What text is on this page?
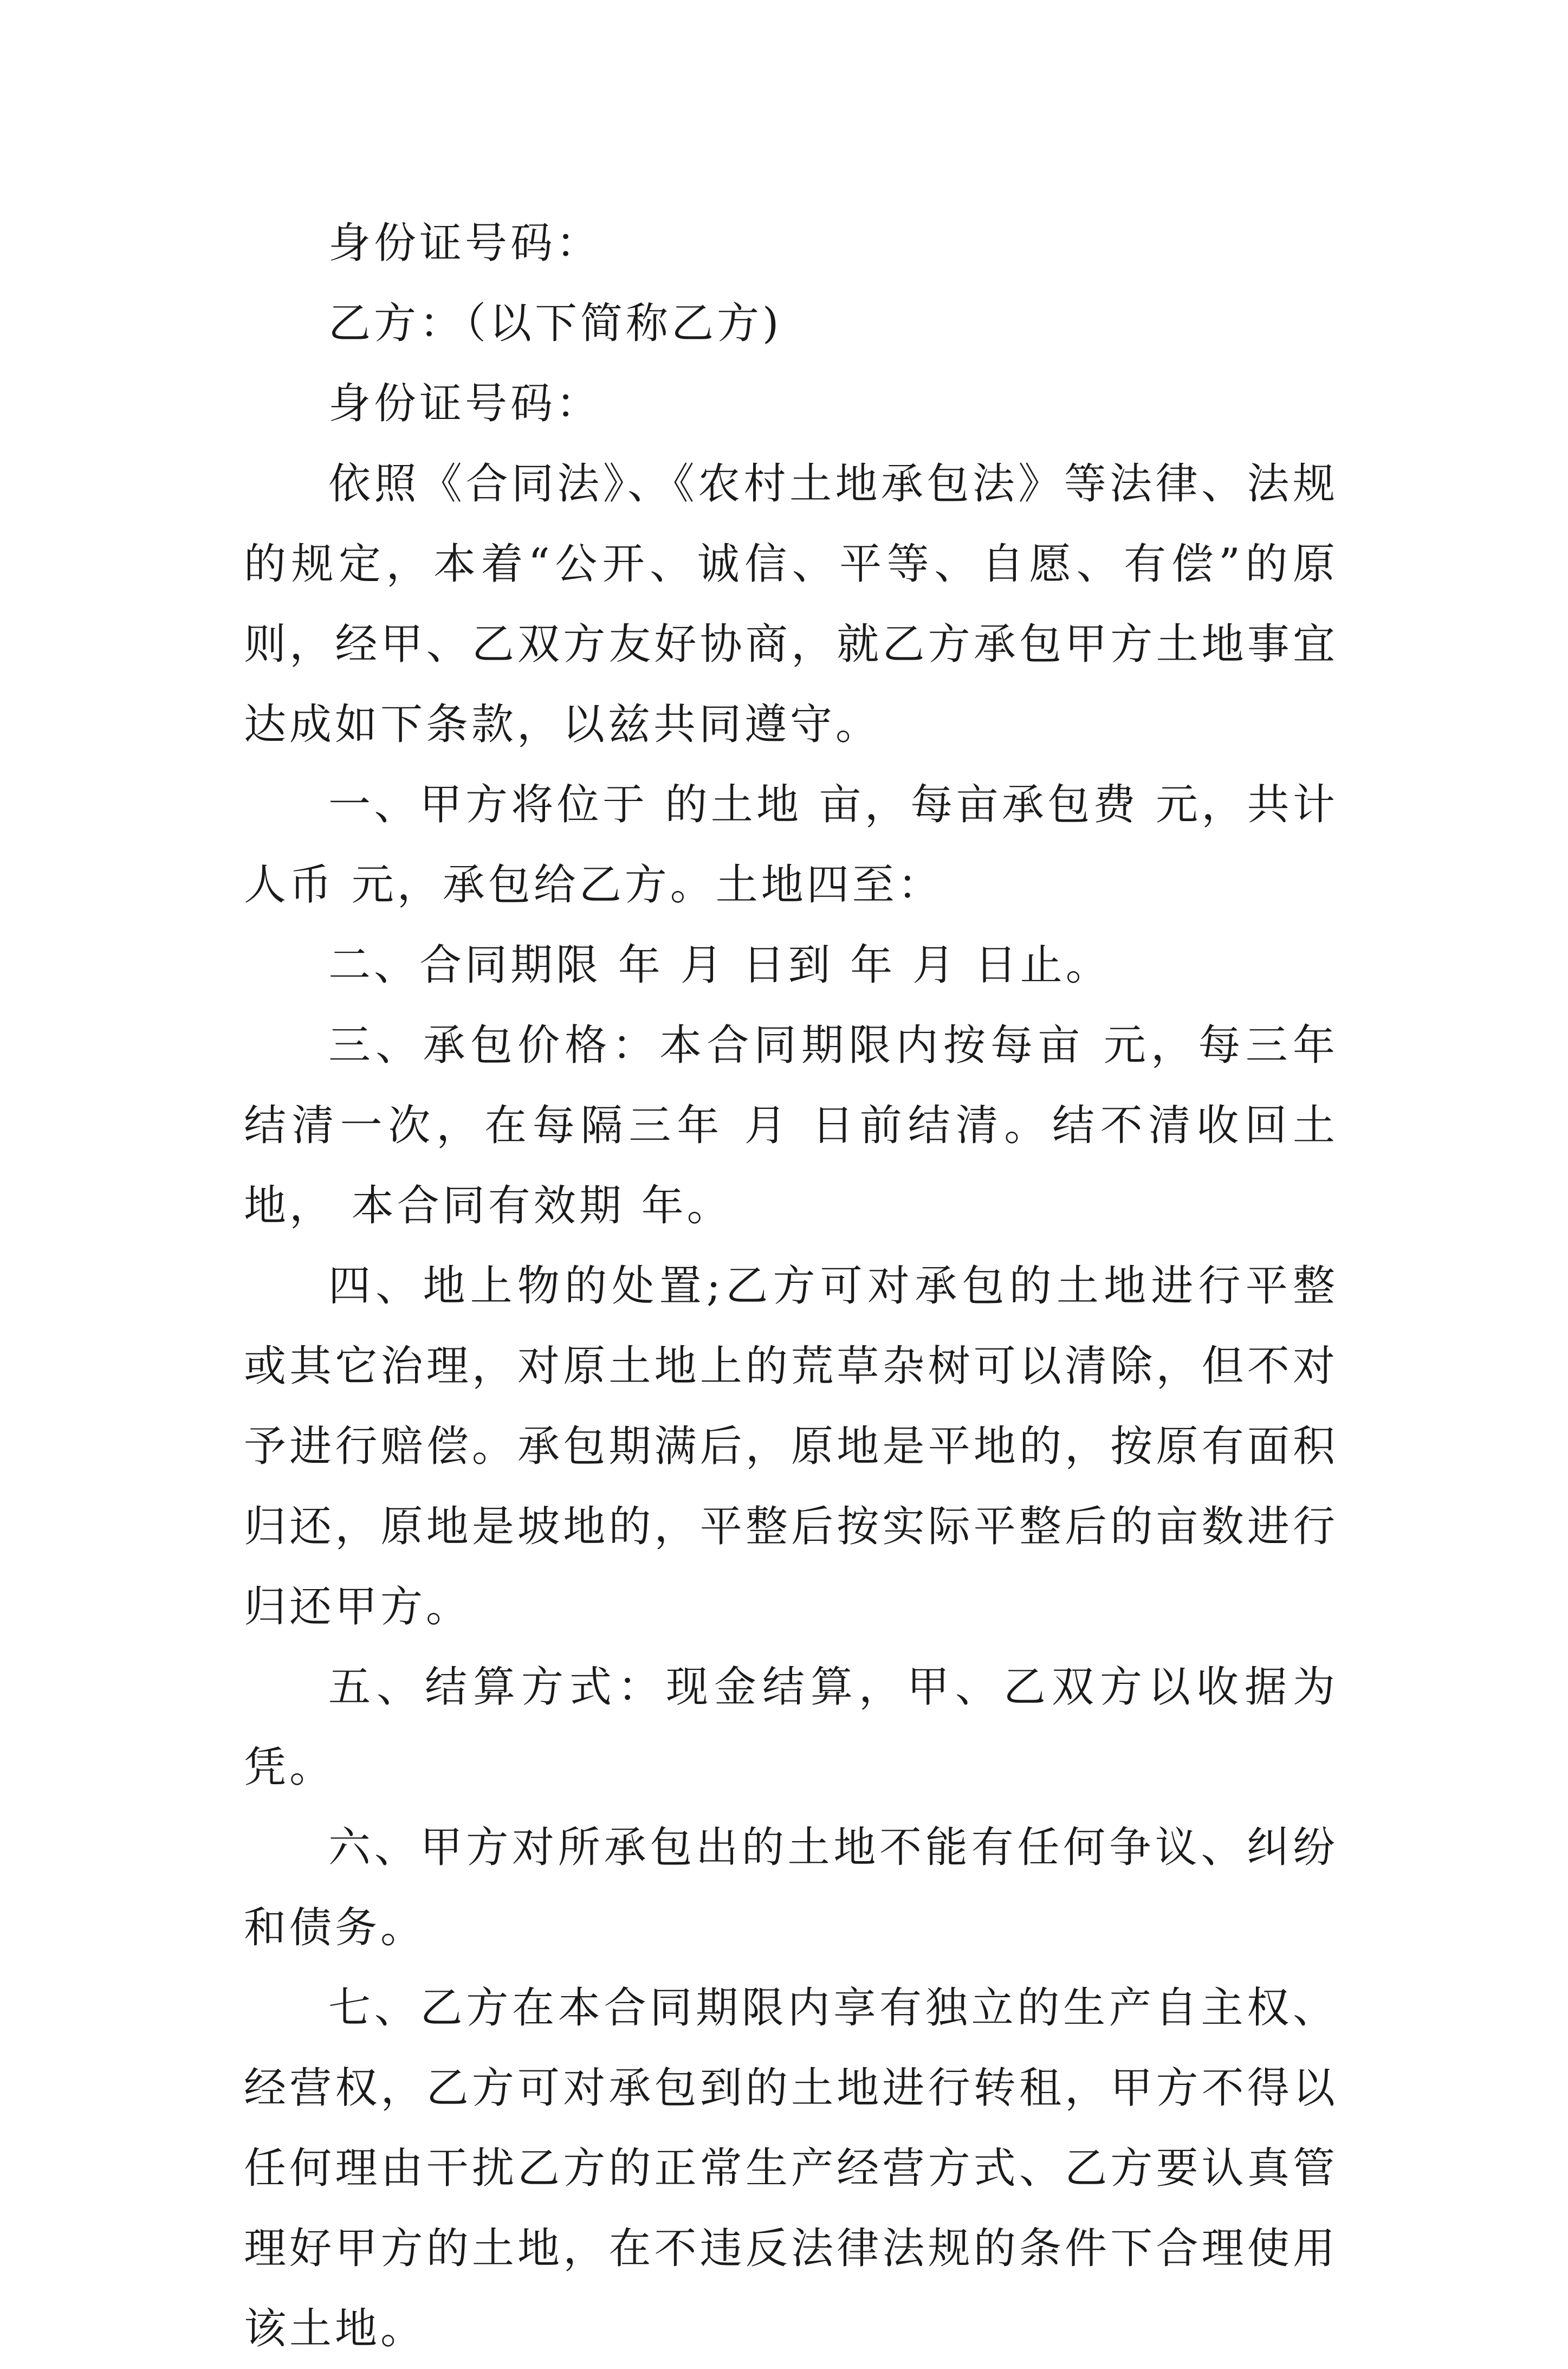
身份证号码：

乙方：（以下简称乙方)

身份证号码：

依照《合同法》、《农村土地承包法》等法律、法规的规定，本着“公开、诚信、平等、自愿、有偿”的原则，经甲、乙双方友好协商，就乙方承包甲方土地事宜达成如下条款，以兹共同遵守。

一、甲方将位于 的土地 亩，每亩承包费 元，共计人币 元，承包给乙方。土地四至：

二、合同期限 年 月 日到 年 月 日止。

三、承包价格：本合同期限内按每亩 元，每三年结清一次，在每隔三年 月 日前结清。结不清收回土地， 本合同有效期 年。

四、地上物的处置;乙方可对承包的土地进行平整或其它治理，对原土地上的荒草杂树可以清除，但不对予进行赔偿。承包期满后，原地是平地的，按原有面积归还，原地是坡地的，平整后按实际平整后的亩数进行归还甲方。

五、结算方式：现金结算，甲、乙双方以收据为凭。

六、甲方对所承包出的土地不能有任何争议、纠纷和债务。

七、乙方在本合同期限内享有独立的生产自主权、经营权，乙方可对承包到的土地进行转租，甲方不得以任何理由干扰乙方的正常生产经营方式、乙方要认真管理好甲方的土地，在不违反法律法规的条件下合理使用该土地。
